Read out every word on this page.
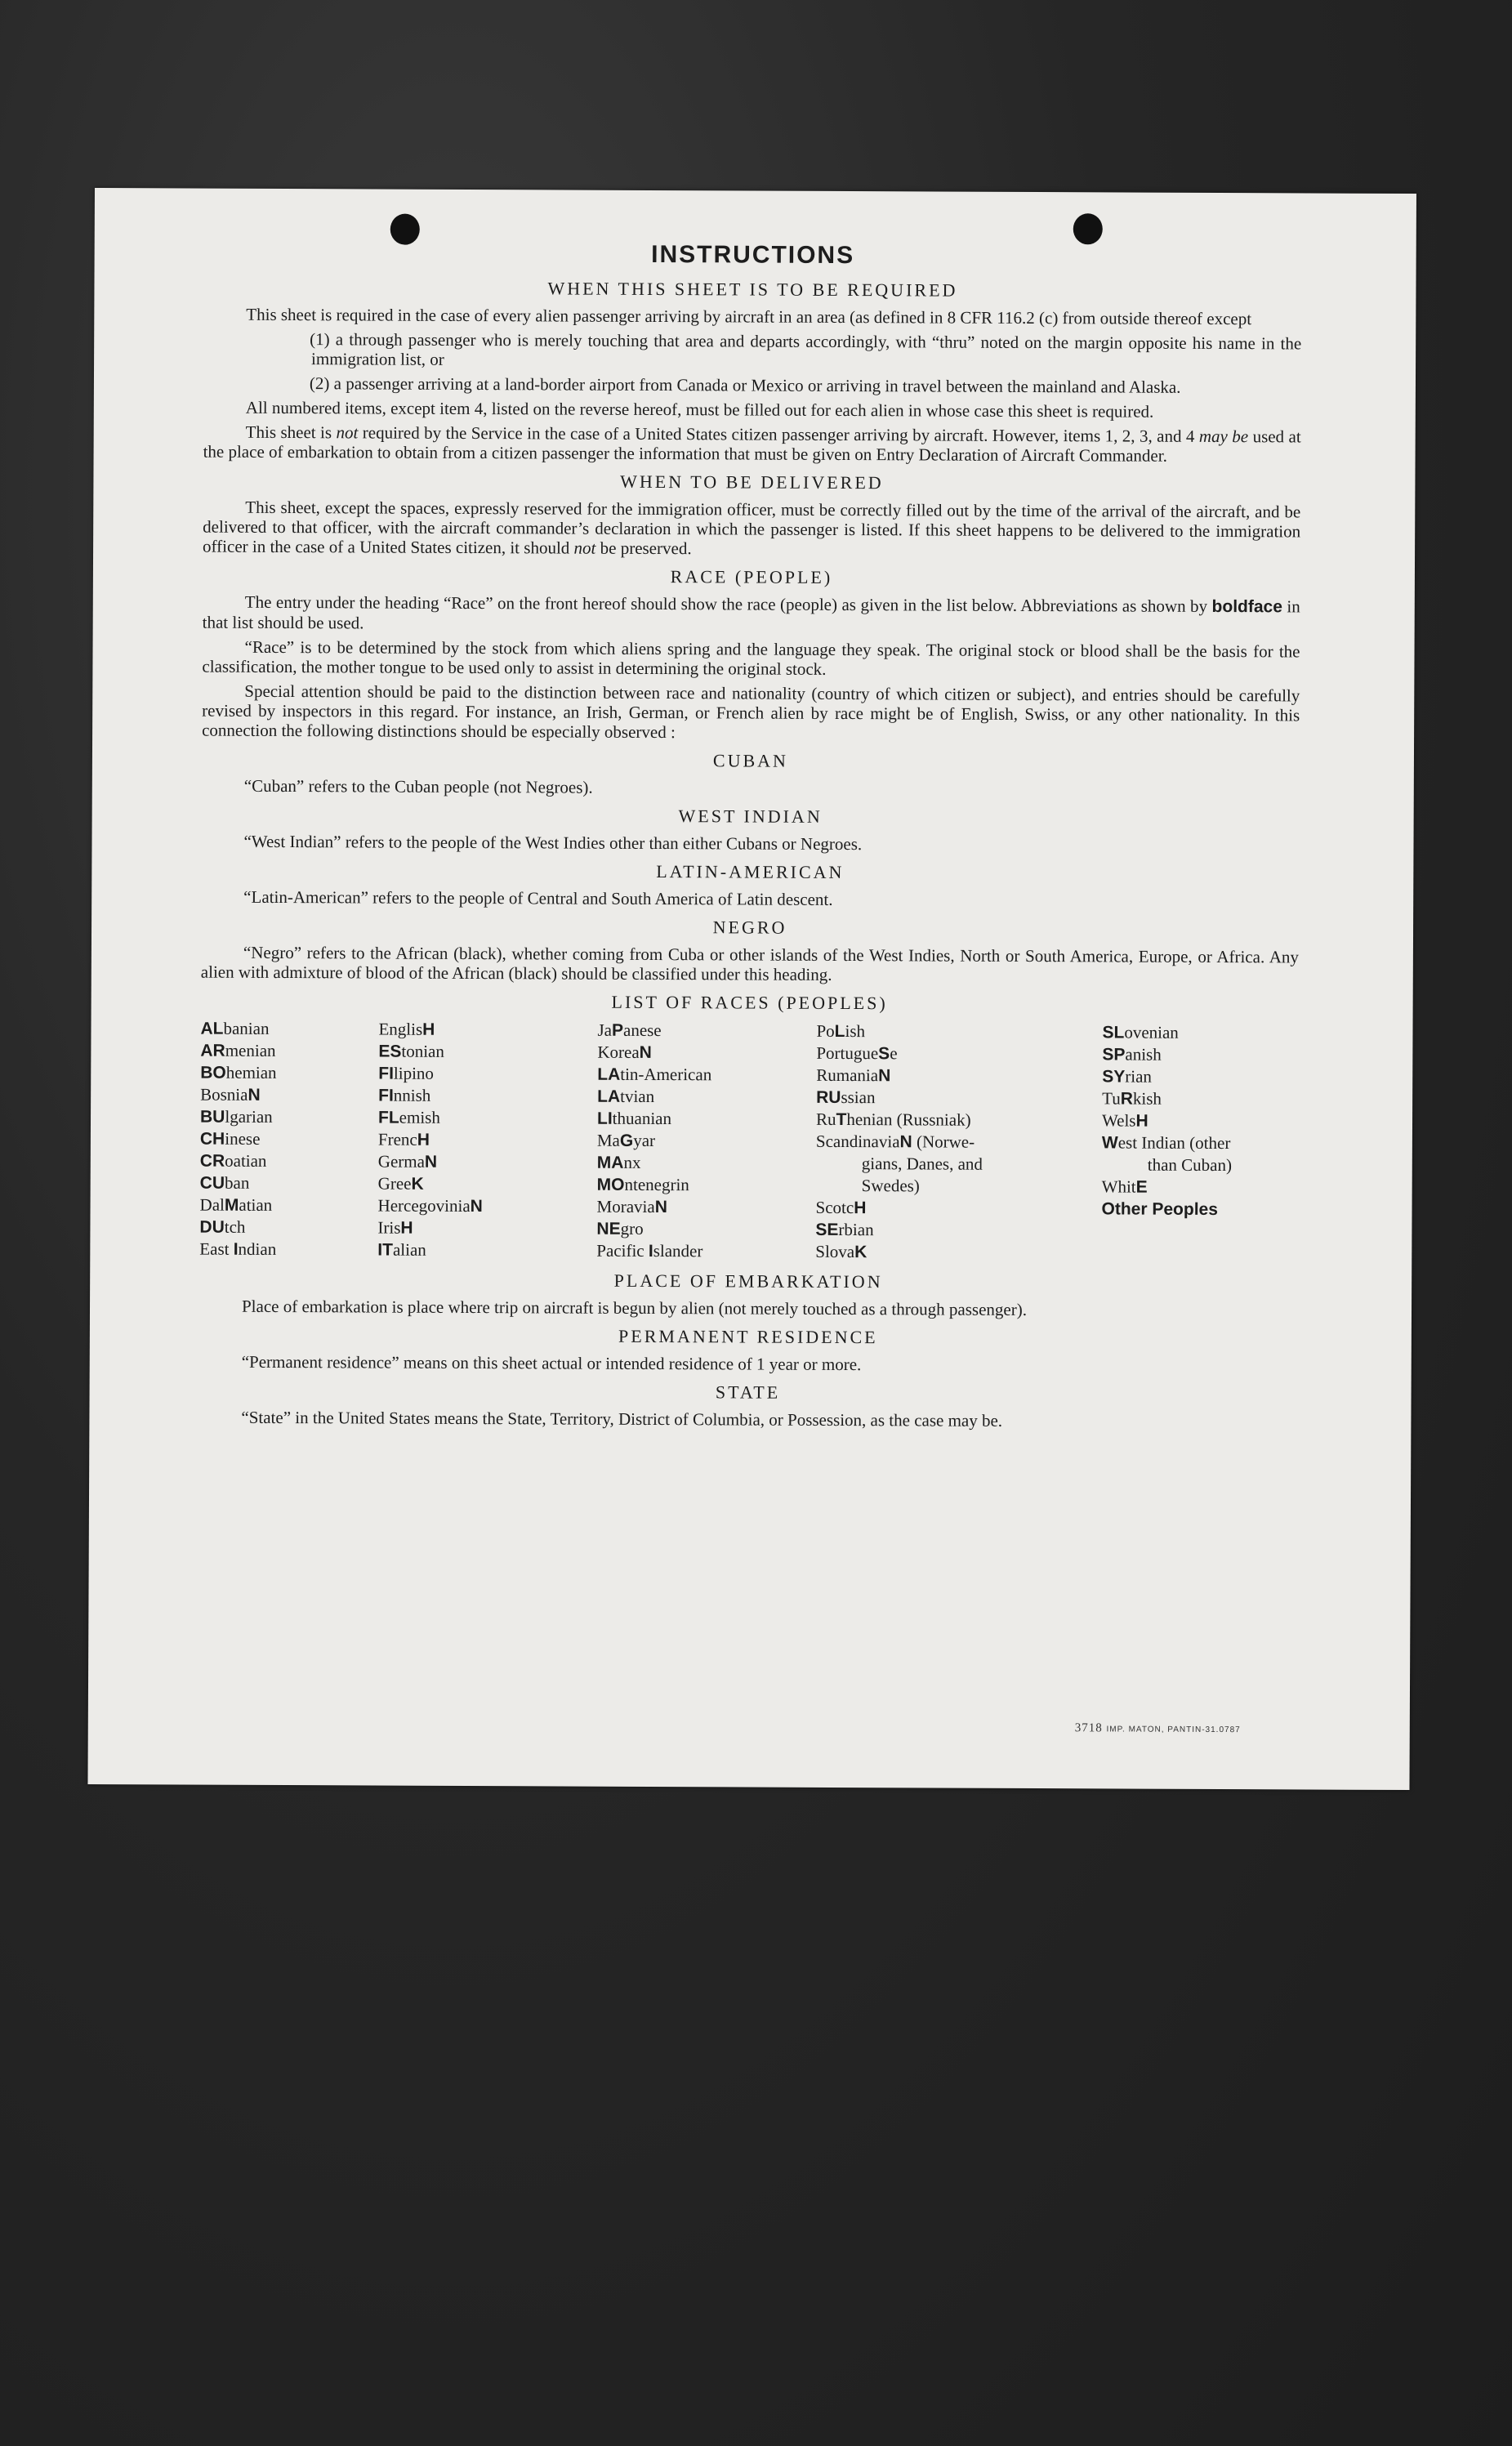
INSTRUCTIONS
WHEN THIS SHEET IS TO BE REQUIRED

This sheet is required in the case of every alien passenger arriving by aircraft in an area (as defined in 8 CFR 116.2 (c) from outside thereof except

(1) a through passenger who is merely touching that area and departs accordingly, with “thru” noted on the margin opposite his name in the immigration list, or
(2) a passenger arriving at a land-border airport from Canada or Mexico or arriving in travel between the mainland and Alaska.

All numbered items, except item 4, listed on the reverse hereof, must be filled out for each alien in whose case this sheet is required.

This sheet is not required by the Service in the case of a United States citizen passenger arriving by aircraft. However, items 1, 2, 3, and 4 may be used at the place of embarkation to obtain from a citizen passenger the information that must be given on Entry Declaration of Aircraft Commander.

WHEN TO BE DELIVERED

This sheet, except the spaces, expressly reserved for the immigration officer, must be correctly filled out by the time of the arrival of the aircraft, and be delivered to that officer, with the aircraft commander’s declaration in which the passenger is listed. If this sheet happens to be delivered to the immigration officer in the case of a United States citizen, it should not be preserved.

RACE (PEOPLE)

The entry under the heading “Race” on the front hereof should show the race (people) as given in the list below. Abbreviations as shown by boldface in that list should be used.

“Race” is to be determined by the stock from which aliens spring and the language they speak. The original stock or blood shall be the basis for the classification, the mother tongue to be used only to assist in determining the original stock.

Special attention should be paid to the distinction between race and nationality (country of which citizen or subject), and entries should be carefully revised by inspectors in this regard. For instance, an Irish, German, or French alien by race might be of English, Swiss, or any other nationality. In this connection the following distinctions should be especially observed :

CUBAN

“Cuban” refers to the Cuban people (not Negroes).

WEST INDIAN

“West Indian” refers to the people of the West Indies other than either Cubans or Negroes.

LATIN-AMERICAN

“Latin-American” refers to the people of Central and South America of Latin descent.

NEGRO

“Negro” refers to the African (black), whether coming from Cuba or other islands of the West Indies, North or South America, Europe, or Africa. Any alien with admixture of blood of the African (black) should be classified under this heading.

LIST OF RACES (PEOPLES)
ALbanian
ARmenian
BOhemian
BosniaN
BUlgarian
CHinese
CRoatian
CUban
DalMatian
DUtch
East Indian
EnglisH
EStonian
FIlipino
FInnish
FLemish
FrencH
GermaN
GreeK
HercegoviniaN
IrisH
ITalian
JaPanese
KoreaN
LAtin-American
LAtvian
LIthuanian
MaGyar
MAnx
MOntenegrin
MoraviaN
NEgro
Pacific Islander
PoLish
PortugueSe
RumaniaN
RUssian
RuThenian (Russniak)
ScandinaviaN (Norwe-
gians, Danes, and
Swedes)
ScotcH
SErbian
SlovaK
SLovenian
SPanish
SYrian
TuRkish
WelsH
West Indian (other
than Cuban)
WhitE
Other Peoples
PLACE OF EMBARKATION

Place of embarkation is place where trip on aircraft is begun by alien (not merely touched as a through passenger).

PERMANENT RESIDENCE

“Permanent residence” means on this sheet actual or intended residence of 1 year or more.

STATE

“State” in the United States means the State, Territory, District of Columbia, or Possession, as the case may be.

3718 IMP. MATON, PANTIN-31.0787
